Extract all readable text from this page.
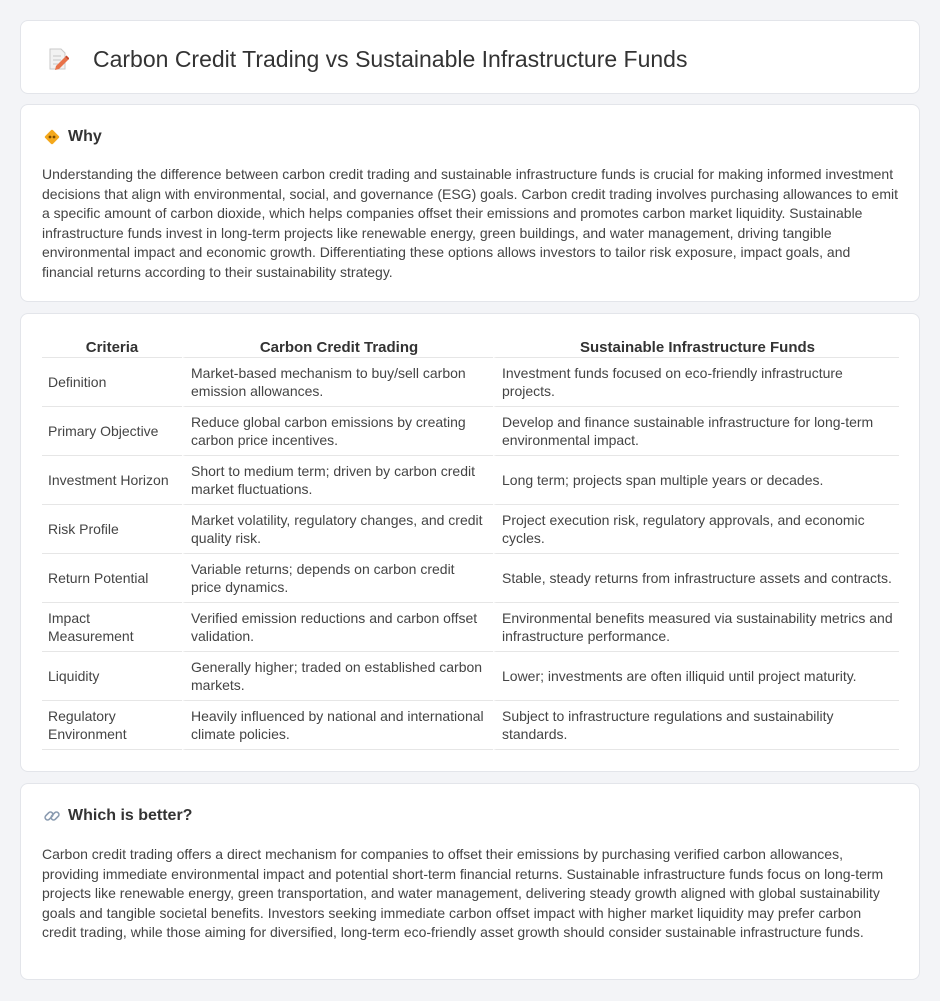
Carbon Credit Trading vs Sustainable Infrastructure Funds
Why

Understanding the difference between carbon credit trading and sustainable infrastructure funds is crucial for making informed investment decisions that align with environmental, social, and governance (ESG) goals. Carbon credit trading involves purchasing allowances to emit a specific amount of carbon dioxide, which helps companies offset their emissions and promotes carbon market liquidity. Sustainable infrastructure funds invest in long-term projects like renewable energy, green buildings, and water management, driving tangible environmental impact and economic growth. Differentiating these options allows investors to tailor risk exposure, impact goals, and financial returns according to their sustainability strategy.

Criteria	Carbon Credit Trading	Sustainable Infrastructure Funds
Definition	Market-based mechanism to buy/sell carbon emission allowances.	Investment funds focused on eco-friendly infrastructure projects.
Primary Objective	Reduce global carbon emissions by creating carbon price incentives.	Develop and finance sustainable infrastructure for long-term environmental impact.
Investment Horizon	Short to medium term; driven by carbon credit market fluctuations.	Long term; projects span multiple years or decades.
Risk Profile	Market volatility, regulatory changes, and credit quality risk.	Project execution risk, regulatory approvals, and economic cycles.
Return Potential	Variable returns; depends on carbon credit price dynamics.	Stable, steady returns from infrastructure assets and contracts.
Impact Measurement	Verified emission reductions and carbon offset validation.	Environmental benefits measured via sustainability metrics and infrastructure performance.
Liquidity	Generally higher; traded on established carbon markets.	Lower; investments are often illiquid until project maturity.
Regulatory Environment	Heavily influenced by national and international climate policies.	Subject to infrastructure regulations and sustainability standards.
Which is better?

Carbon credit trading offers a direct mechanism for companies to offset their emissions by purchasing verified carbon allowances, providing immediate environmental impact and potential short-term financial returns. Sustainable infrastructure funds focus on long-term projects like renewable energy, green transportation, and water management, delivering steady growth aligned with global sustainability goals and tangible societal benefits. Investors seeking immediate carbon offset impact with higher market liquidity may prefer carbon credit trading, while those aiming for diversified, long-term eco-friendly asset growth should consider sustainable infrastructure funds.
